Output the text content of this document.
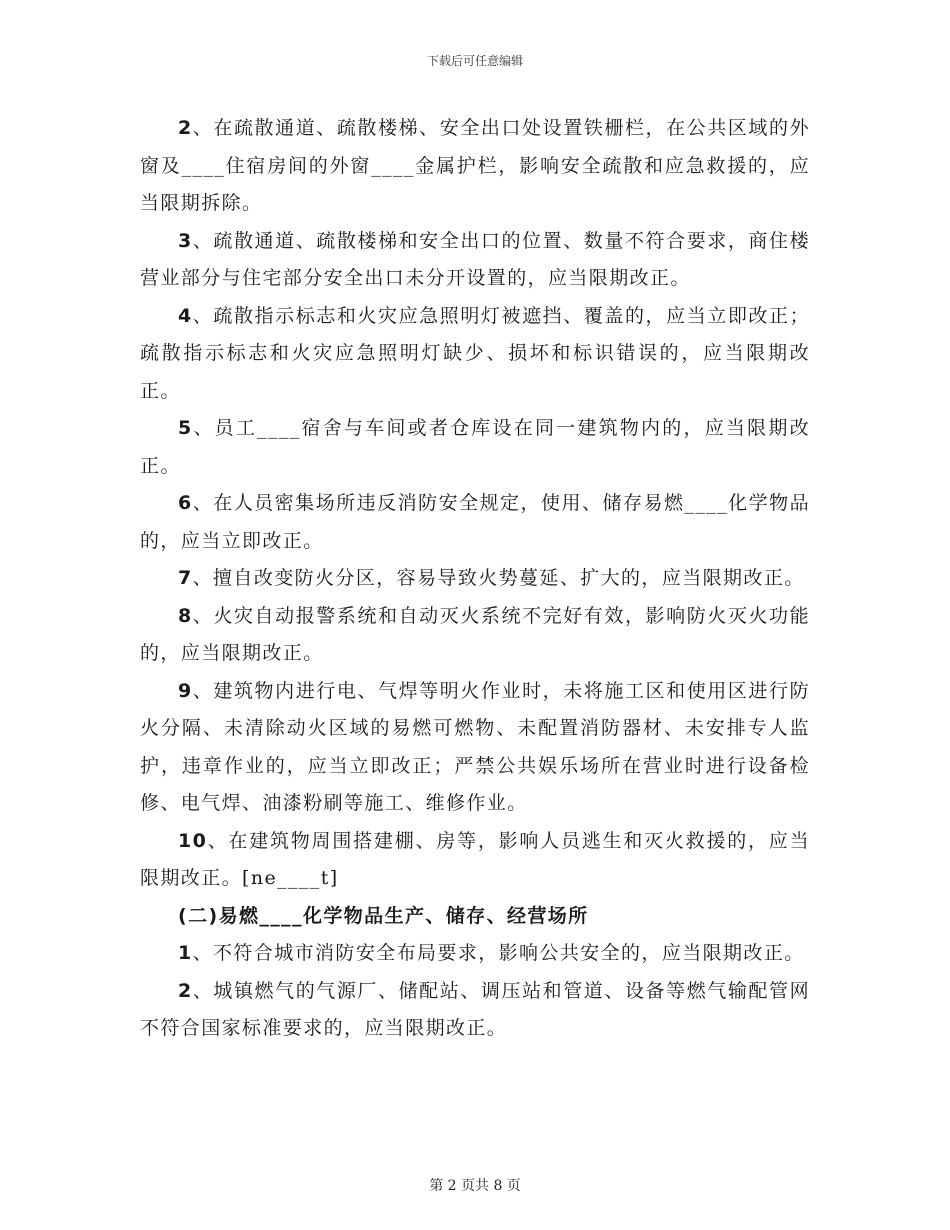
下载后可任意编辑

2、在疏散通道、疏散楼梯、安全出口处设置铁栅栏，在公共区域的外窗及____住宿房间的外窗____金属护栏，影响安全疏散和应急救援的，应当限期拆除。

3、疏散通道、疏散楼梯和安全出口的位置、数量不符合要求，商住楼营业部分与住宅部分安全出口未分开设置的，应当限期改正。

4、疏散指示标志和火灾应急照明灯被遮挡、覆盖的，应当立即改正；疏散指示标志和火灾应急照明灯缺少、损坏和标识错误的，应当限期改正。

5、员工____宿舍与车间或者仓库设在同一建筑物内的，应当限期改正。

6、在人员密集场所违反消防安全规定，使用、储存易燃____化学物品的，应当立即改正。

7、擅自改变防火分区，容易导致火势蔓延、扩大的，应当限期改正。

8、火灾自动报警系统和自动灭火系统不完好有效，影响防火灭火功能的，应当限期改正。

9、建筑物内进行电、气焊等明火作业时，未将施工区和使用区进行防火分隔、未清除动火区域的易燃可燃物、未配置消防器材、未安排专人监护，违章作业的，应当立即改正；严禁公共娱乐场所在营业时进行设备检修、电气焊、油漆粉刷等施工、维修作业。

10、在建筑物周围搭建棚、房等，影响人员逃生和灭火救援的，应当限期改正。[ne____t]

(二)易燃____化学物品生产、储存、经营场所

1、不符合城市消防安全布局要求，影响公共安全的，应当限期改正。

2、城镇燃气的气源厂、储配站、调压站和管道、设备等燃气输配管网不符合国家标准要求的，应当限期改正。

第 2 页共 8 页
